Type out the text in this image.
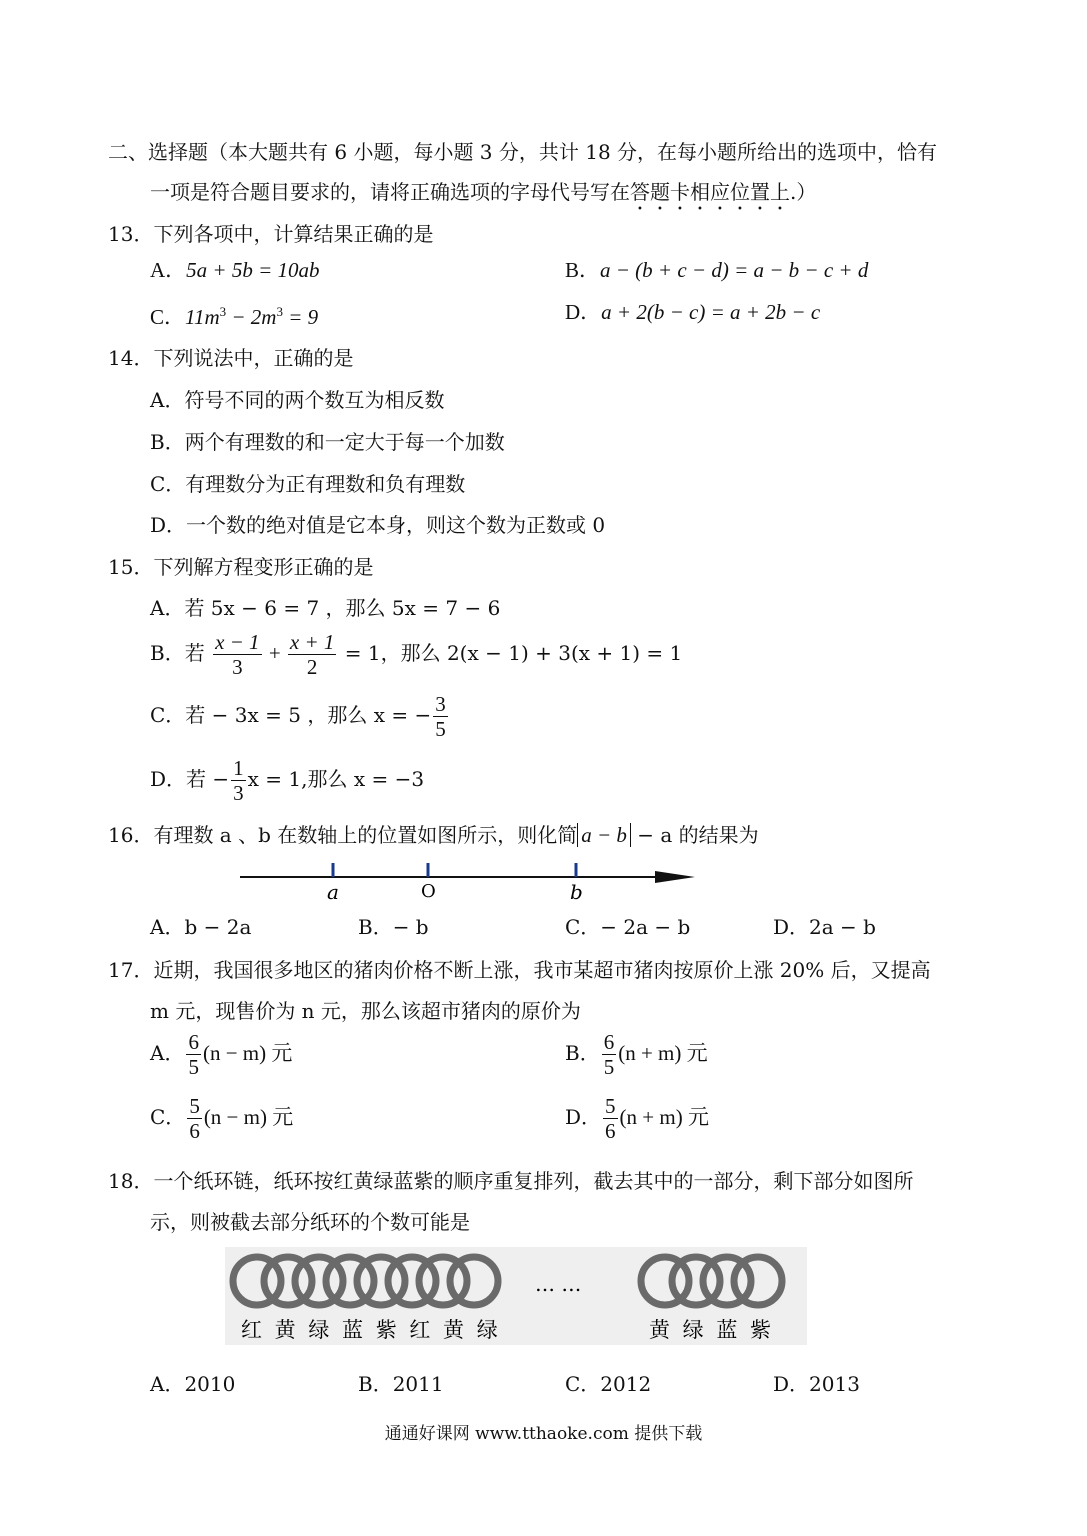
二、选择题（本大题共有 6 小题，每小题 3 分，共计 18 分，在每小题所给出的选项中，恰有
一项是符合题目要求的，请将正确选项的字母代号写在答题卡相应位置上.）
13．下列各项中，计算结果正确的是
A．5a + 5b = 10ab	B．a − (b + c − d) = a − b − c + d
C．$11m^3 - 2m^3 = 9$	D．a + 2(b − c) = a + 2b − c
14．下列说法中，正确的是
A．符号不同的两个数互为相反数
B．两个有理数的和一定大于每一个加数
C．有理数分为正有理数和负有理数
D．一个数的绝对值是它本身，则这个数为正数或 0
15．下列解方程变形正确的是
A．若 5x − 6 = 7 ，那么 5x = 7 − 6
B．若 $\frac{x - 1}{3} + \frac{x + 1}{2} = 1$，那么 2(x − 1) + 3(x + 1) = 1
C．若 − 3x = 5 ，那么 x = − $\frac{3}{5}$
D．若 − $\frac{1}{3}$ x = 1,那么 x = −3
16．有理数 a 、b 在数轴上的位置如图所示，则化简 a − b − a 的结果为
a	O	b
A．b − 2a	B．− b	C．− 2a − b	D．2a − b
17．近期，我国很多地区的猪肉价格不断上涨，我市某超市猪肉按原价上涨 20% 后，又提高
m 元，现售价为 n 元，那么该超市猪肉的原价为
A． $\frac{6}{5} (n - m)$ 元	B． $\frac{6}{5} (n + m)$ 元
C． $\frac{5}{6} (n - m)$ 元	D． $\frac{5}{6} (n + m)$ 元
18．一个纸环链，纸环按红黄绿蓝紫的顺序重复排列，截去其中的一部分，剩下部分如图所
示，则被截去部分纸环的个数可能是
… …
红 黄 绿 蓝 紫 红 黄 绿	黄 绿 蓝 紫
A．2010	B．2011	C．2012	D．2013
通通好课网 www.tthaoke.com 提供下载
